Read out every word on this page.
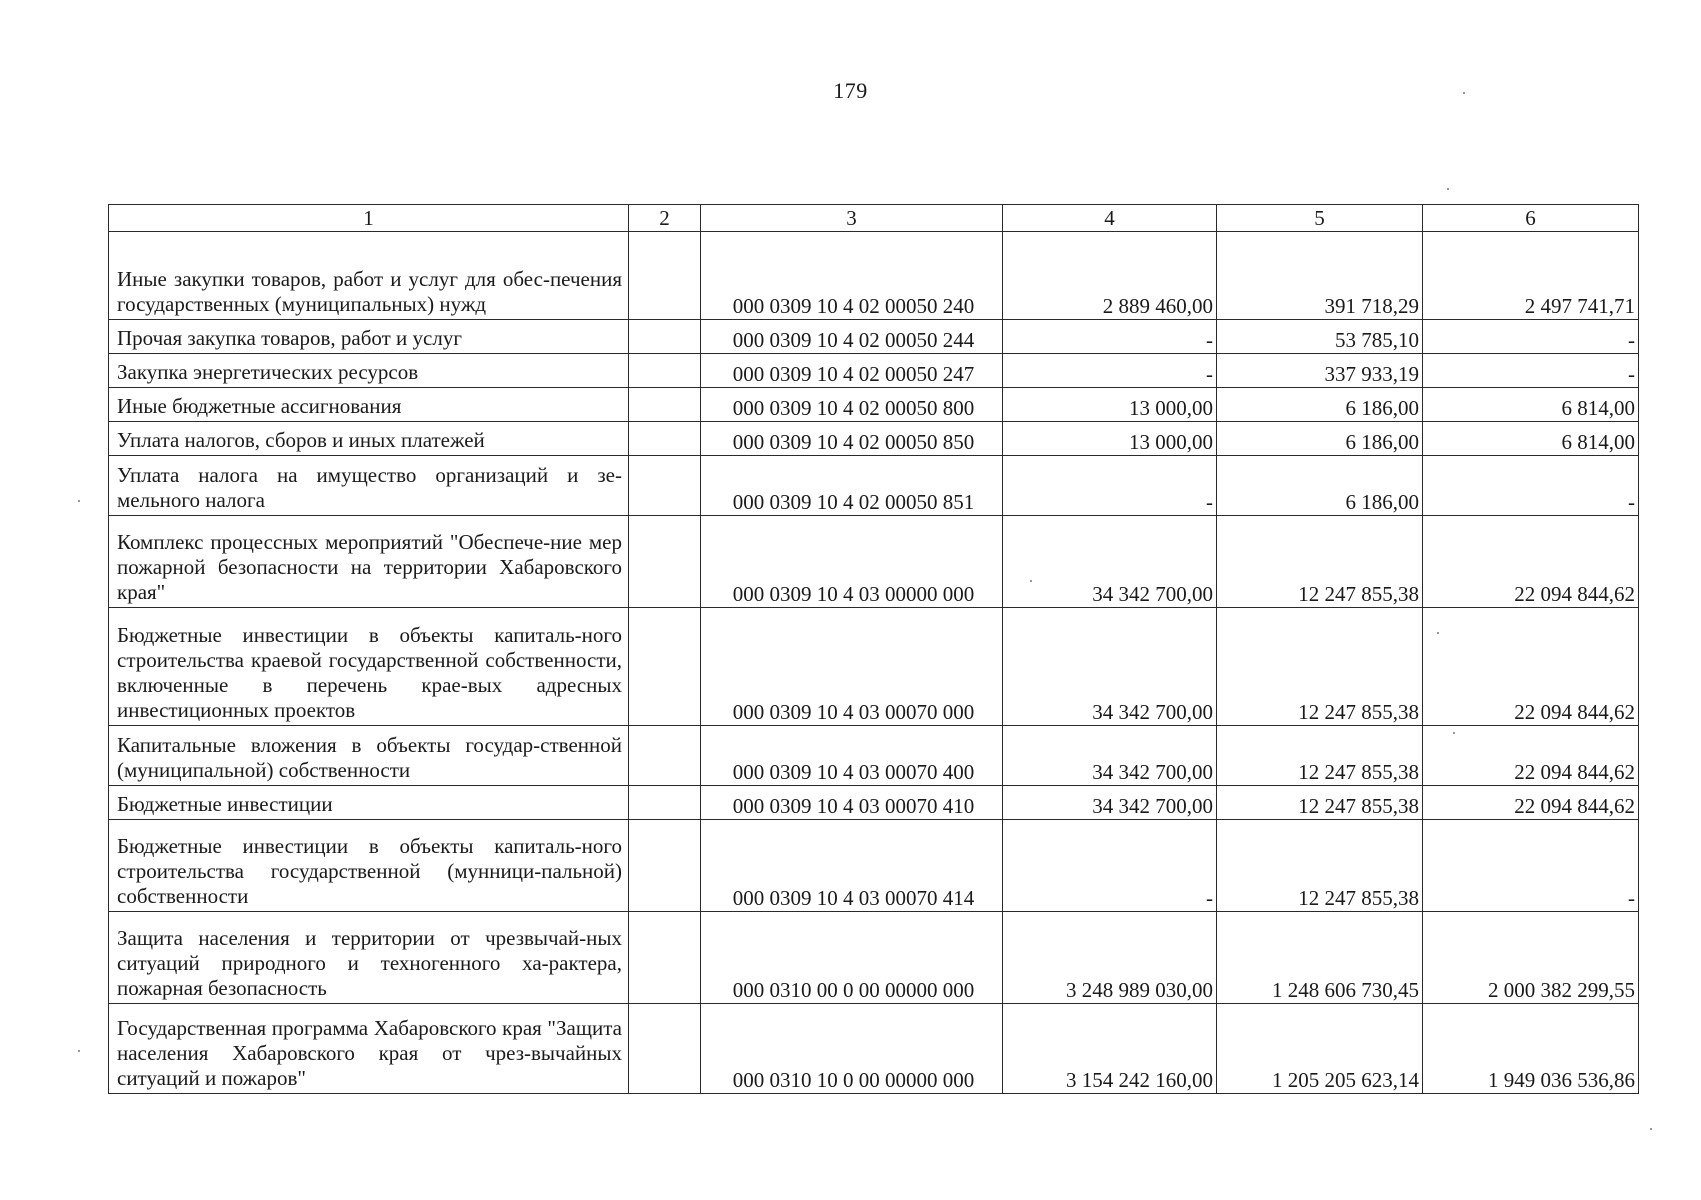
179
1	2	3	4	5	6
Иные закупки товаров, работ и услуг для обес-печения государственных (муниципальных) нужд		000 0309 10 4 02 00050 240	2 889 460,00	391 718,29	2 497 741,71
Прочая закупка товаров, работ и услуг		000 0309 10 4 02 00050 244	-	53 785,10	-
Закупка энергетических ресурсов		000 0309 10 4 02 00050 247	-	337 933,19	-
Иные бюджетные ассигнования		000 0309 10 4 02 00050 800	13 000,00	6 186,00	6 814,00
Уплата налогов, сборов и иных платежей		000 0309 10 4 02 00050 850	13 000,00	6 186,00	6 814,00
Уплата налога на имущество организаций и зе-мельного налога		000 0309 10 4 02 00050 851	-	6 186,00	-
Комплекс процессных мероприятий "Обеспече-ние мер пожарной безопасности на территории Хабаровского края"		000 0309 10 4 03 00000 000	34 342 700,00	12 247 855,38	22 094 844,62
Бюджетные инвестиции в объекты капиталь-ного строительства краевой государственной собственности, включенные в перечень крае-вых адресных инвестиционных проектов		000 0309 10 4 03 00070 000	34 342 700,00	12 247 855,38	22 094 844,62
Капитальные вложения в объекты государ-ственной (муниципальной) собственности		000 0309 10 4 03 00070 400	34 342 700,00	12 247 855,38	22 094 844,62
Бюджетные инвестиции		000 0309 10 4 03 00070 410	34 342 700,00	12 247 855,38	22 094 844,62
Бюджетные инвестиции в объекты капиталь-ного строительства государственной (мунници-пальной) собственности		000 0309 10 4 03 00070 414	-	12 247 855,38	-
Защита населения и территории от чрезвычай-ных ситуаций природного и техногенного ха-рактера, пожарная безопасность		000 0310 00 0 00 00000 000	3 248 989 030,00	1 248 606 730,45	2 000 382 299,55
Государственная программа Хабаровского края "Защита населения Хабаровского края от чрез-вычайных ситуаций и пожаров"		000 0310 10 0 00 00000 000	3 154 242 160,00	1 205 205 623,14	1 949 036 536,86
